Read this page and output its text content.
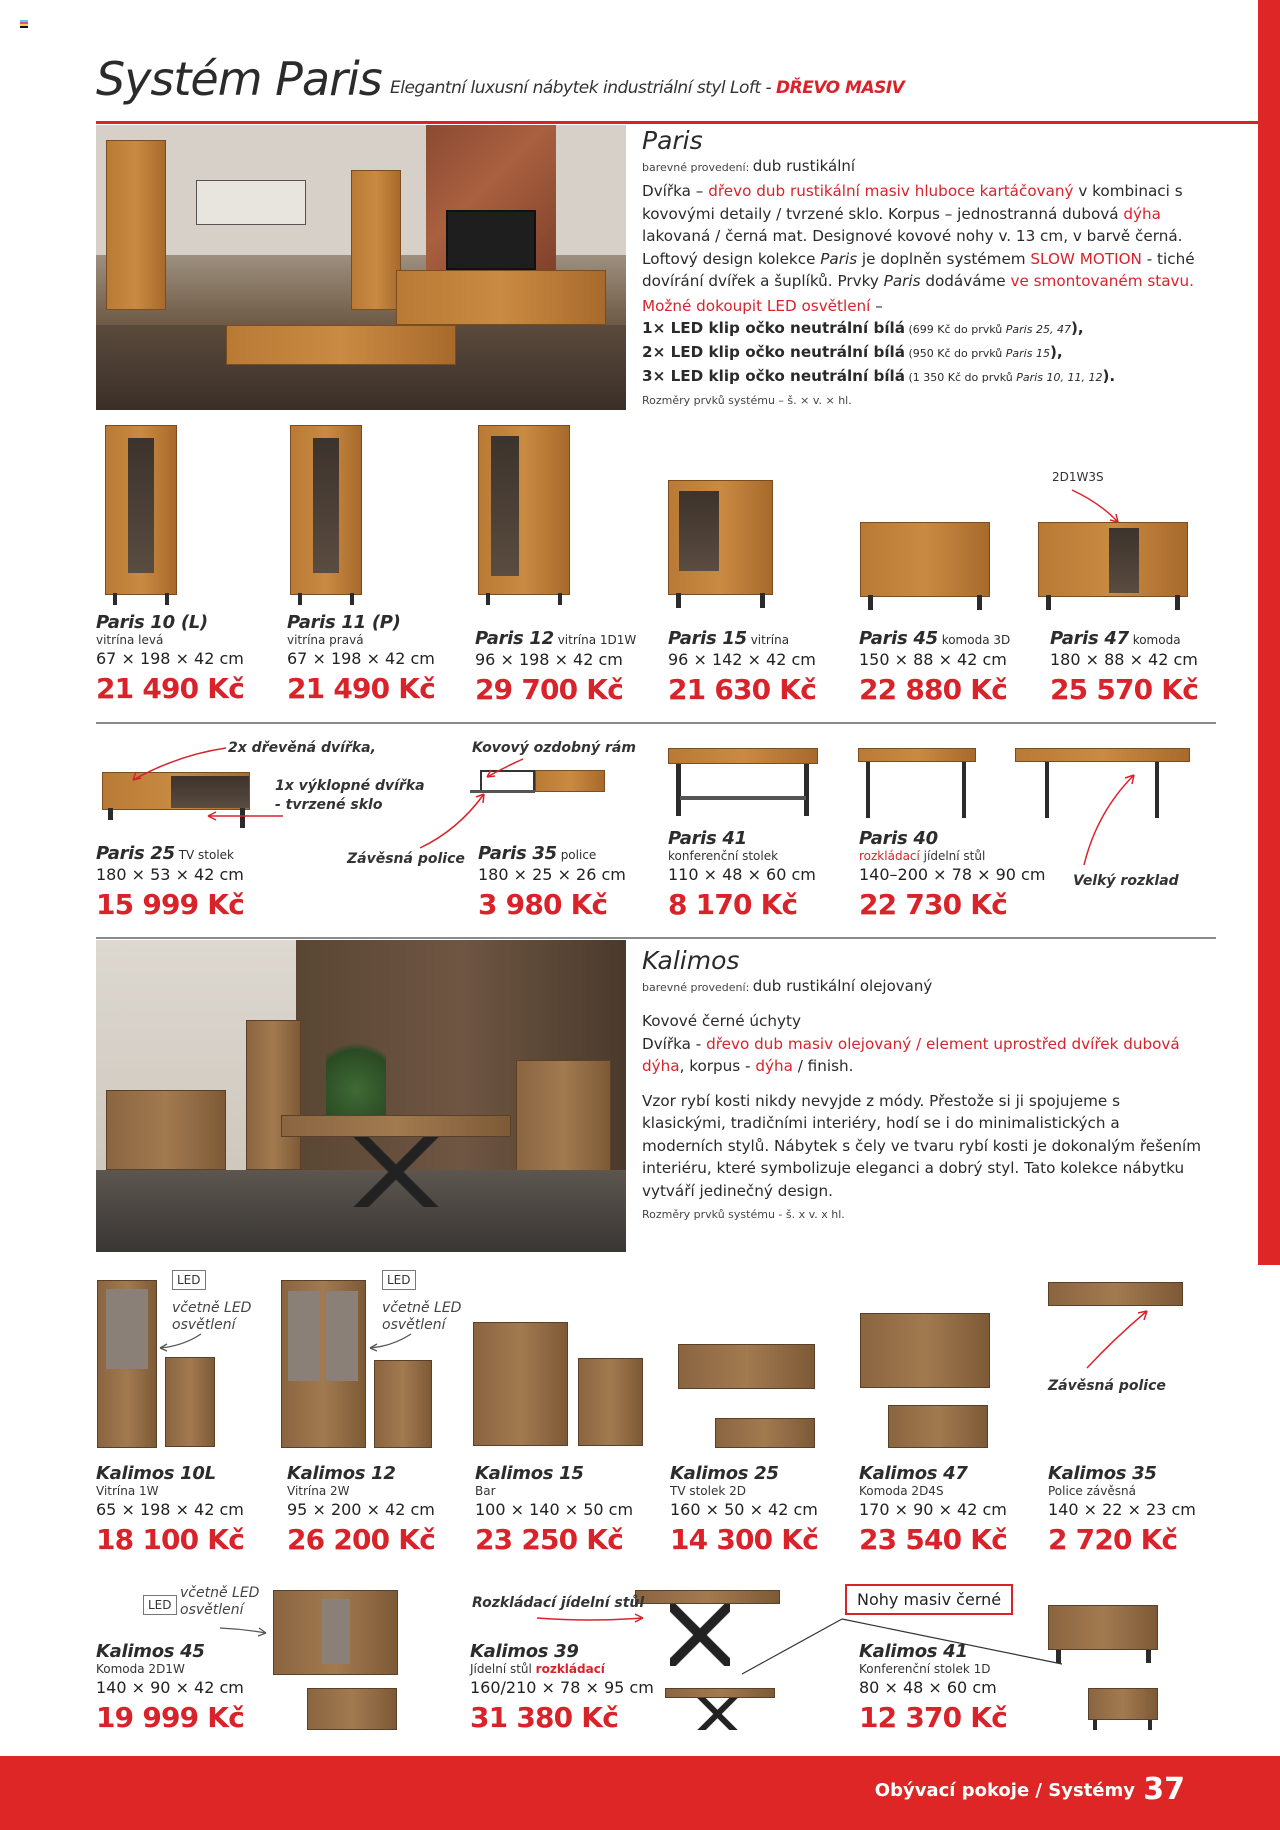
Systém Paris Elegantní luxusní nábytek industriální styl Loft - DŘEVO MASIV
Paris
barevné provedení: dub rustikální
Dvířka – dřevo dub rustikální masiv hluboce kartáčovaný v kombinaci s kovovými detaily / tvrzené sklo. Korpus – jednostranná dubová dýha lakovaná / černá mat. Designové kovové nohy v. 13 cm, v barvě černá. Loftový design kolekce Paris je doplněn systémem SLOW MOTION - tiché dovírání dvířek a šuplíků. Prvky Paris dodáváme ve smontovaném stavu.
Možné dokoupit LED osvětlení –
1× LED klip očko neutrální bílá (699 Kč do prvků Paris 25, 47),
2× LED klip očko neutrální bílá (950 Kč do prvků Paris 15),
3× LED klip očko neutrální bílá (1 350 Kč do prvků Paris 10, 11, 12).
Rozměry prvků systému – š. × v. × hl.
2D1W3S
Paris 10 (L)
vitrína levá
67 × 198 × 42 cm
21 490 Kč
Paris 11 (P)
vitrína pravá
67 × 198 × 42 cm
21 490 Kč
Paris 12 vitrína 1D1W
96 × 198 × 42 cm
29 700 Kč
Paris 15 vitrína
96 × 142 × 42 cm
21 630 Kč
Paris 45 komoda 3D
150 × 88 × 42 cm
22 880 Kč
Paris 47 komoda
180 × 88 × 42 cm
25 570 Kč
2x dřevěná dvířka,
1x výklopné dvířka
- tvrzené sklo
Kovový ozdobný rám
Závěsná police
Velký rozklad
Paris 25 TV stolek
180 × 53 × 42 cm
15 999 Kč
Paris 35 police
180 × 25 × 26 cm
3 980 Kč
Paris 41
konferenční stolek
110 × 48 × 60 cm
8 170 Kč
Paris 40
rozkládací jídelní stůl
140–200 × 78 × 90 cm
22 730 Kč
Kalimos
barevné provedení: dub rustikální olejovaný
Kovové černé úchyty
Dvířka - dřevo dub masiv olejovaný / element uprostřed dvířek dubová dýha, korpus - dýha / finish.
Vzor rybí kosti nikdy nevyjde z módy. Přestože si ji spojujeme s klasickými, tradičními interiéry, hodí se i do minimalistických a moderních stylů. Nábytek s čely ve tvaru rybí kosti je dokonalým řešením interiéru, které symbolizuje eleganci a dobrý styl. Tato kolekce nábytku vytváří jedinečný design.
Rozměry prvků systému - š. x v. x hl.
LED
včetně LED
osvětlení
LED
včetně LED
osvětlení
LED
včetně LED
osvětlení
Závěsná police
Kalimos 10L
Vitrína 1W
65 × 198 × 42 cm
18 100 Kč
Kalimos 12
Vitrína 2W
95 × 200 × 42 cm
26 200 Kč
Kalimos 15
Bar
100 × 140 × 50 cm
23 250 Kč
Kalimos 25
TV stolek 2D
160 × 50 × 42 cm
14 300 Kč
Kalimos 47
Komoda 2D4S
170 × 90 × 42 cm
23 540 Kč
Kalimos 35
Police závěsná
140 × 22 × 23 cm
2 720 Kč
Rozkládací jídelní stůl	Nohy masiv černé
Kalimos 45
Komoda 2D1W
140 × 90 × 42 cm
19 999 Kč
Kalimos 39
Jídelní stůl rozkládací
160/210 × 78 × 95 cm
31 380 Kč
Kalimos 41
Konferenční stolek 1D
80 × 48 × 60 cm
12 370 Kč
Obývací pokoje / Systémy 37
